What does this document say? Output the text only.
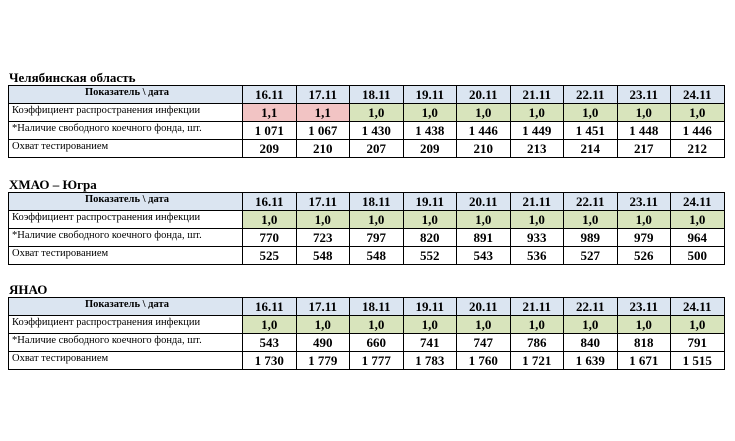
Челябинская область
Показатель \ дата	16.11	17.11	18.11	19.11	20.11	21.11	22.11	23.11	24.11
Коэффициент распространения инфекции	1,1	1,1	1,0	1,0	1,0	1,0	1,0	1,0	1,0
*Наличие свободного коечного фонда, шт.	1 071	1 067	1 430	1 438	1 446	1 449	1 451	1 448	1 446
Охват тестированием	209	210	207	209	210	213	214	217	212
ХМАО – Югра
Показатель \ дата	16.11	17.11	18.11	19.11	20.11	21.11	22.11	23.11	24.11
Коэффициент распространения инфекции	1,0	1,0	1,0	1,0	1,0	1,0	1,0	1,0	1,0
*Наличие свободного коечного фонда, шт.	770	723	797	820	891	933	989	979	964
Охват тестированием	525	548	548	552	543	536	527	526	500
ЯНАО
Показатель \ дата	16.11	17.11	18.11	19.11	20.11	21.11	22.11	23.11	24.11
Коэффициент распространения инфекции	1,0	1,0	1,0	1,0	1,0	1,0	1,0	1,0	1,0
*Наличие свободного коечного фонда, шт.	543	490	660	741	747	786	840	818	791
Охват тестированием	1 730	1 779	1 777	1 783	1 760	1 721	1 639	1 671	1 515
